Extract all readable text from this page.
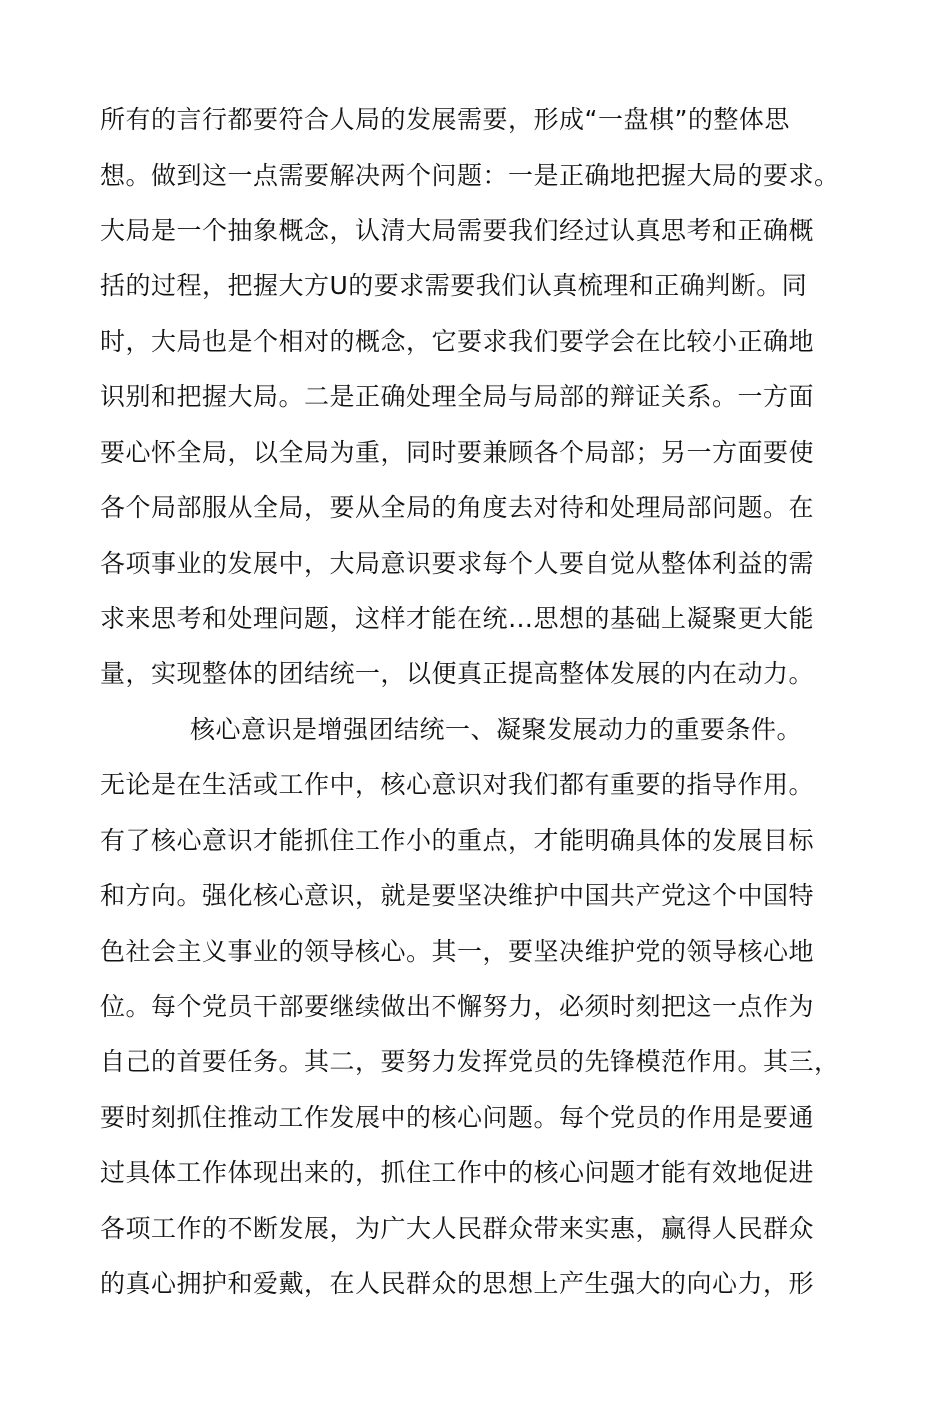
所有的言行都要符合人局的发展需要，形成“一盘棋”的整体思
想。做到这一点需要解决两个问题：一是正确地把握大局的要求。
大局是一个抽象概念，认清大局需要我们经过认真思考和正确概
括的过程，把握大方U的要求需要我们认真梳理和正确判断。同
时，大局也是个相对的概念，它要求我们要学会在比较小正确地
识别和把握大局。二是正确处理全局与局部的辩证关系。一方面
要心怀全局，以全局为重，同时要兼顾各个局部；另一方面要使
各个局部服从全局，要从全局的角度去对待和处理局部问题。在
各项事业的发展中，大局意识要求每个人要自觉从整体利益的需
求来思考和处理问题，这样才能在统…思想的基础上凝聚更大能
量，实现整体的团结统一，以便真正提高整体发展的内在动力。
核心意识是增强团结统一、凝聚发展动力的重要条件。
无论是在生活或工作中，核心意识对我们都有重要的指导作用。
有了核心意识才能抓住工作小的重点，才能明确具体的发展目标
和方向。强化核心意识，就是要坚决维护中国共产党这个中国特
色社会主义事业的领导核心。其一，要坚决维护党的领导核心地
位。每个党员干部要继续做出不懈努力，必须时刻把这一点作为
自己的首要任务。其二，要努力发挥党员的先锋模范作用。其三，
要时刻抓住推动工作发展中的核心问题。每个党员的作用是要通
过具体工作体现出来的，抓住工作中的核心问题才能有效地促进
各项工作的不断发展，为广大人民群众带来实惠，赢得人民群众
的真心拥护和爱戴，在人民群众的思想上产生强大的向心力，形
